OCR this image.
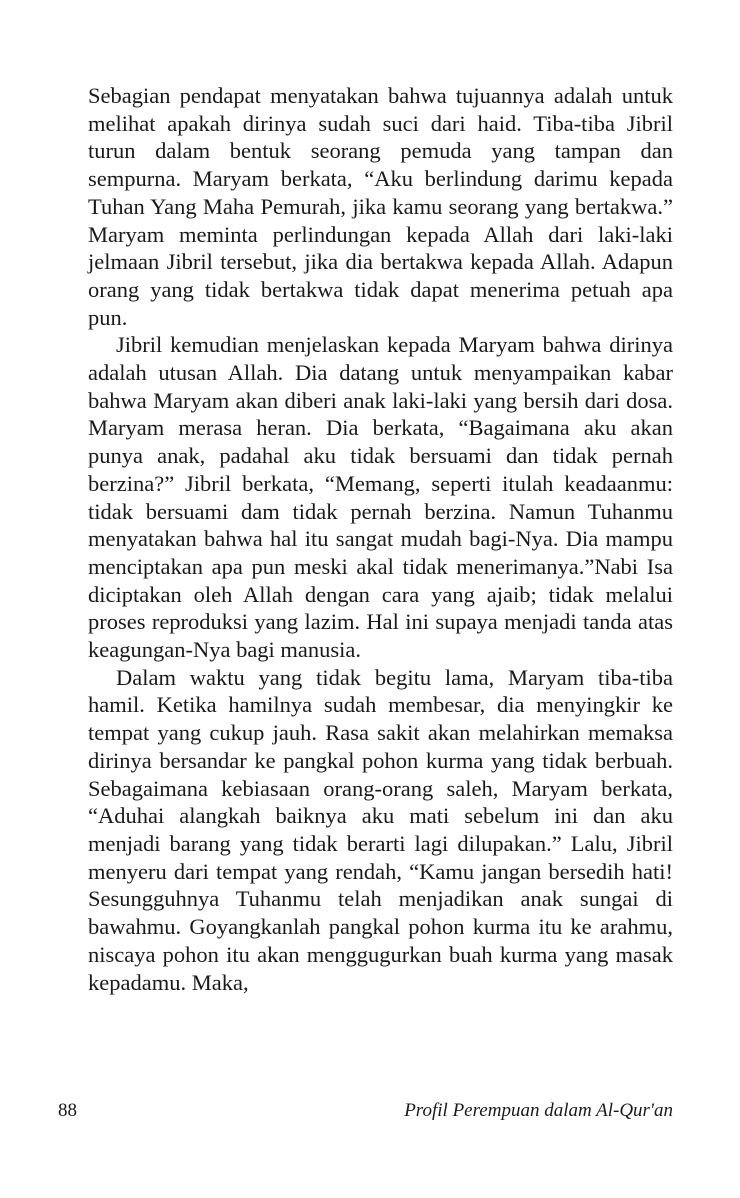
Sebagian pendapat menyatakan bahwa tujuannya adalah untuk melihat apakah dirinya sudah suci dari haid. Tiba-tiba Jibril turun dalam bentuk seorang pemuda yang tampan dan sempurna. Maryam berkata, “Aku berlindung darimu kepada Tuhan Yang Maha Pemurah, jika kamu seorang yang bertakwa.” Maryam meminta perlindungan kepada Allah dari laki-laki jelmaan Jibril tersebut, jika dia bertakwa kepada Allah. Adapun orang yang tidak bertakwa tidak dapat menerima petuah apa pun.

Jibril kemudian menjelaskan kepada Maryam bahwa dirinya adalah utusan Allah. Dia datang untuk menyampaikan kabar bahwa Maryam akan diberi anak laki-laki yang bersih dari dosa. Maryam merasa heran. Dia berkata, “Bagaimana aku akan punya anak, padahal aku tidak bersuami dan tidak pernah berzina?” Jibril berkata, “Memang, seperti itulah keadaanmu: tidak bersuami dam tidak pernah berzina. Namun Tuhanmu menyatakan bahwa hal itu sangat mudah bagi-Nya. Dia mampu menciptakan apa pun meski akal tidak menerimanya.”Nabi Isa diciptakan oleh Allah dengan cara yang ajaib; tidak melalui proses reproduksi yang lazim. Hal ini supaya menjadi tanda atas keagungan-Nya bagi manusia.

Dalam waktu yang tidak begitu lama, Maryam tiba-tiba hamil. Ketika hamilnya sudah membesar, dia menyingkir ke tempat yang cukup jauh. Rasa sakit akan melahirkan memaksa dirinya bersandar ke pangkal pohon kurma yang tidak berbuah. Sebagaimana kebiasaan orang-orang saleh, Maryam berkata, “Aduhai alangkah baiknya aku mati sebelum ini dan aku menjadi barang yang tidak berarti lagi dilupakan.” Lalu, Jibril menyeru dari tempat yang rendah, “Kamu jangan bersedih hati! Sesungguhnya Tuhanmu telah menjadikan anak sungai di bawahmu. Goyangkanlah pangkal pohon kurma itu ke arahmu, niscaya pohon itu akan menggugurkan buah kurma yang masak kepadamu. Maka,

88	Profil Perempuan dalam Al-Qur'an
